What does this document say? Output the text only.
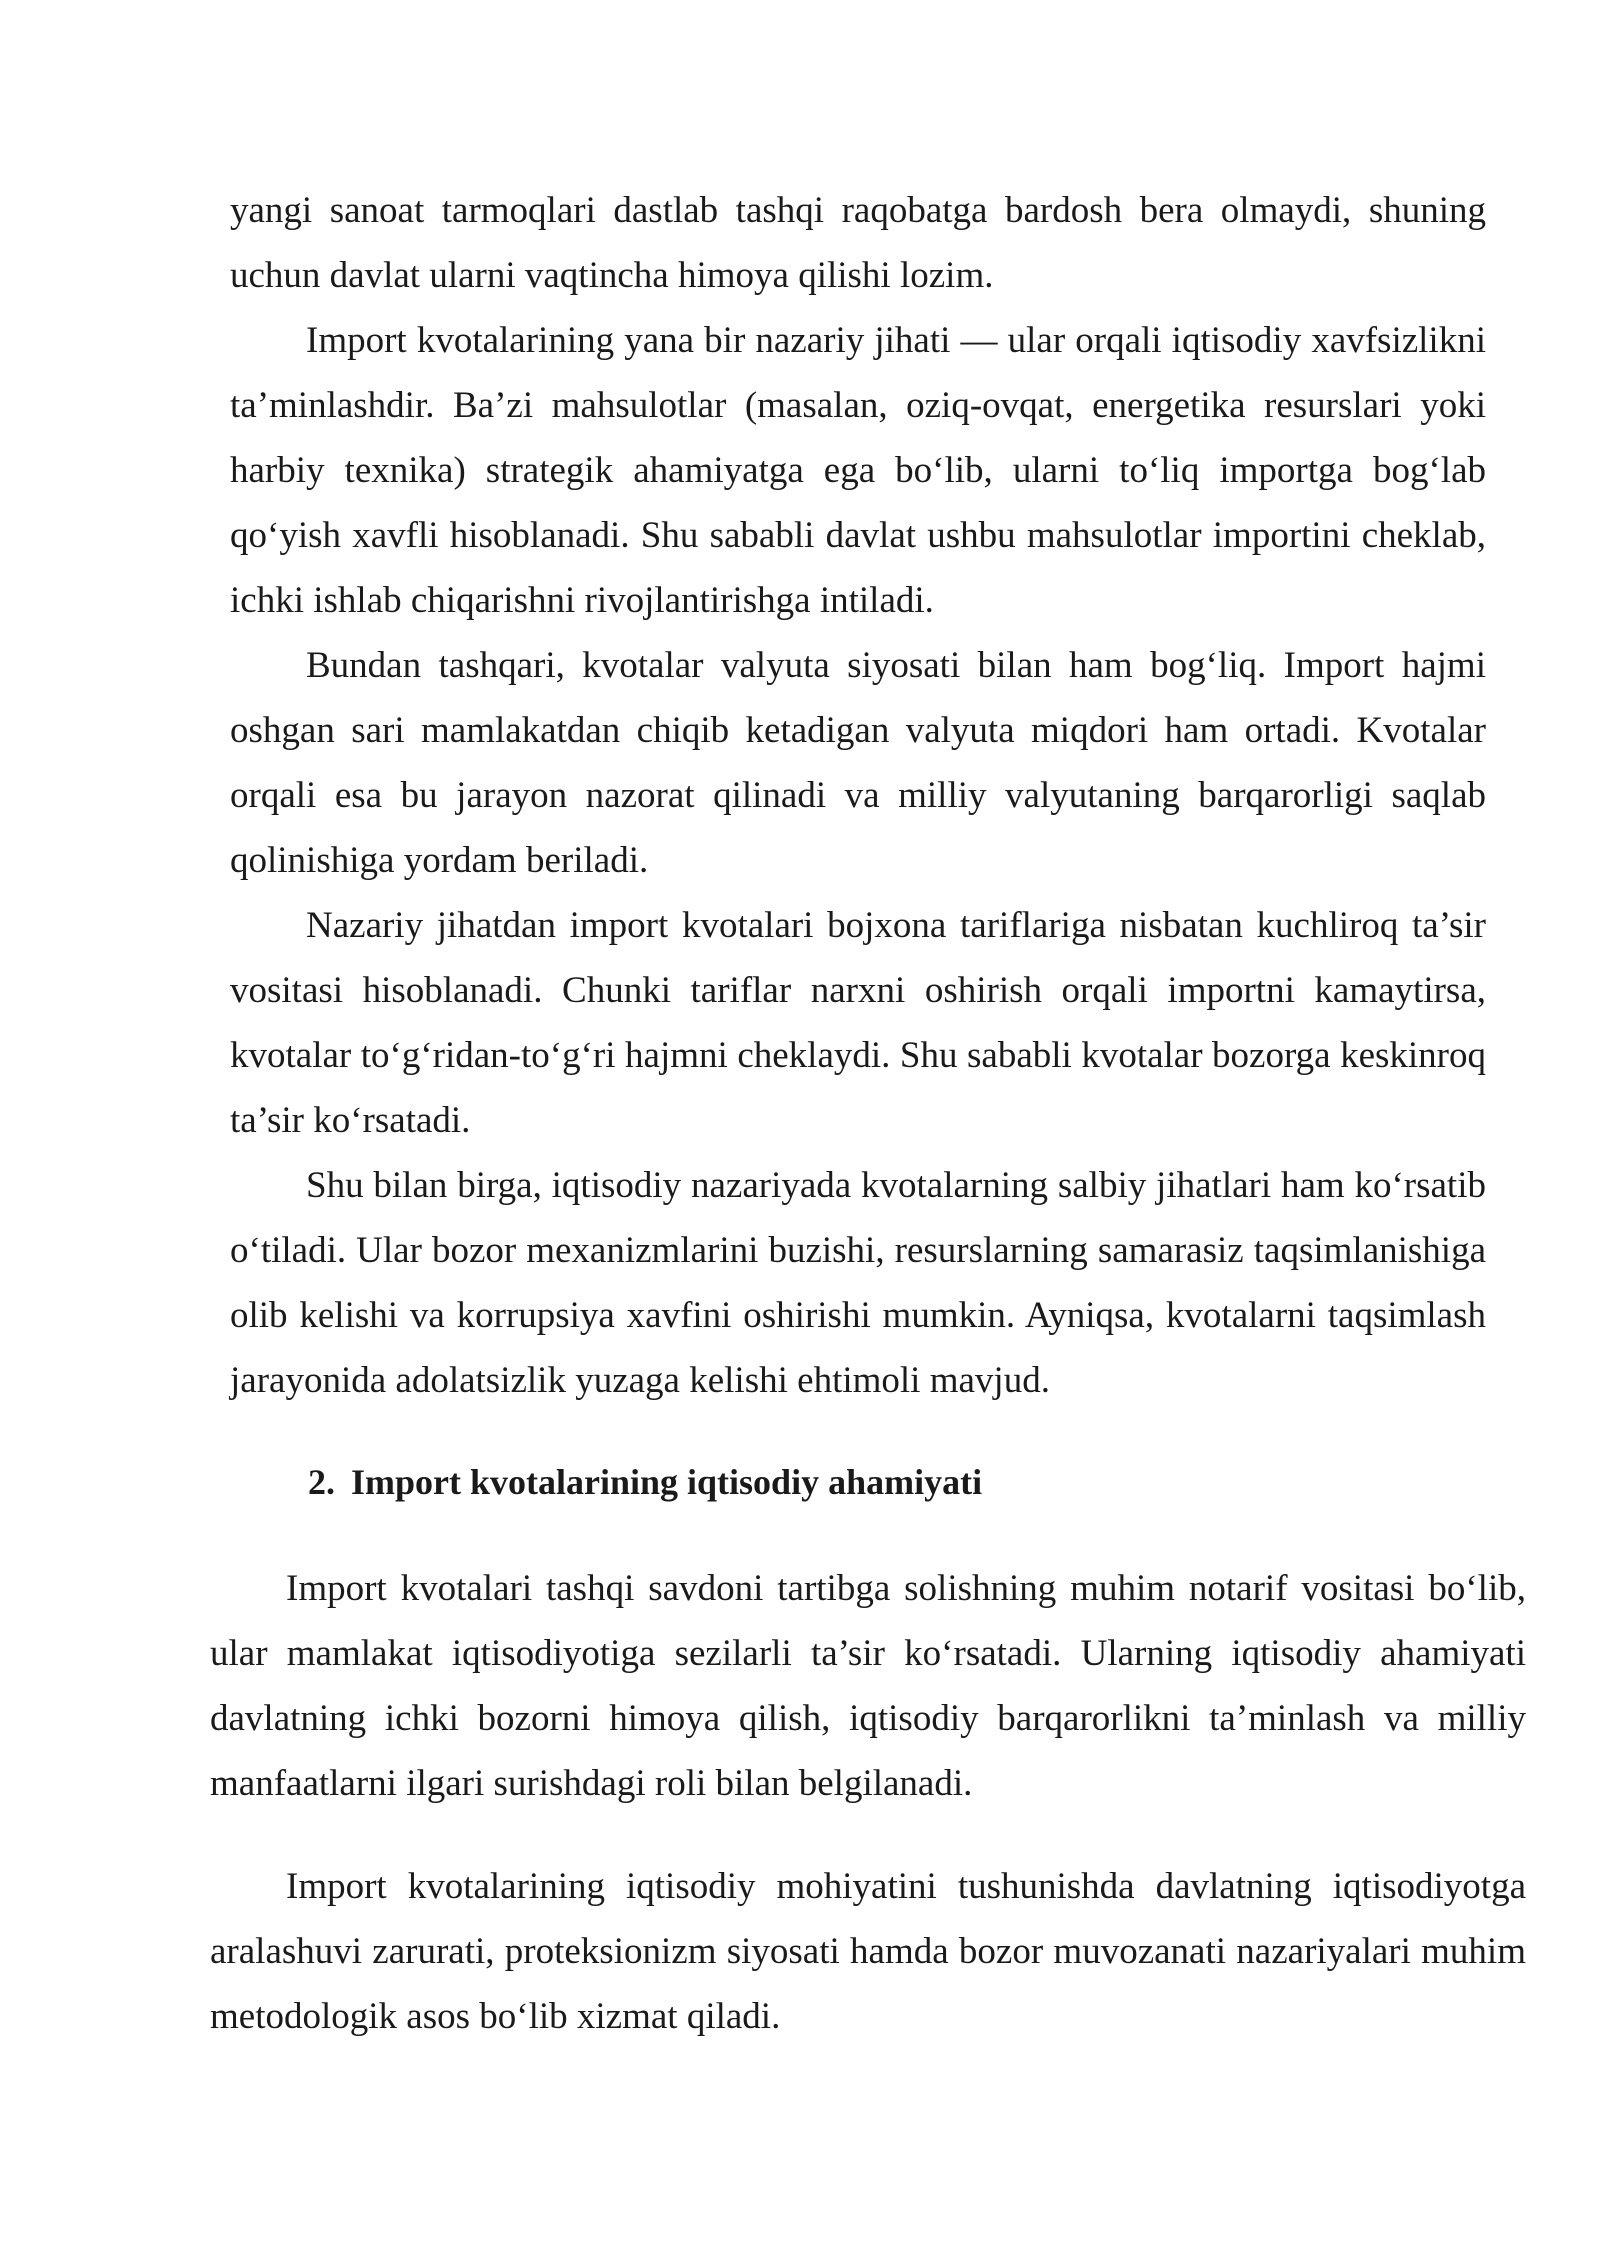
yangi sanoat tarmoqlari dastlab tashqi raqobatga bardosh bera olmaydi, shuning uchun davlat ularni vaqtincha himoya qilishi lozim.

Import kvotalarining yana bir nazariy jihati — ular orqali iqtisodiy xavfsizlikni ta’minlashdir. Ba’zi mahsulotlar (masalan, oziq-ovqat, energetika resurslari yoki harbiy texnika) strategik ahamiyatga ega bo‘lib, ularni to‘liq importga bog‘lab qo‘yish xavfli hisoblanadi. Shu sababli davlat ushbu mahsulotlar importini cheklab, ichki ishlab chiqarishni rivojlantirishga intiladi.

Bundan tashqari, kvotalar valyuta siyosati bilan ham bog‘liq. Import hajmi oshgan sari mamlakatdan chiqib ketadigan valyuta miqdori ham ortadi. Kvotalar orqali esa bu jarayon nazorat qilinadi va milliy valyutaning barqarorligi saqlab qolinishiga yordam beriladi.

Nazariy jihatdan import kvotalari bojxona tariflariga nisbatan kuchliroq ta’sir vositasi hisoblanadi. Chunki tariflar narxni oshirish orqali importni kamaytirsa, kvotalar to‘g‘ridan-to‘g‘ri hajmni cheklaydi. Shu sababli kvotalar bozorga keskinroq ta’sir ko‘rsatadi.

Shu bilan birga, iqtisodiy nazariyada kvotalarning salbiy jihatlari ham ko‘rsatib o‘tiladi. Ular bozor mexanizmlarini buzishi, resurslarning samarasiz taqsimlanishiga olib kelishi va korrupsiya xavfini oshirishi mumkin. Ayniqsa, kvotalarni taqsimlash jarayonida adolatsizlik yuzaga kelishi ehtimoli mavjud.

2. Import kvotalarining iqtisodiy ahamiyati

Import kvotalari tashqi savdoni tartibga solishning muhim notarif vositasi bo‘lib, ular mamlakat iqtisodiyotiga sezilarli ta’sir ko‘rsatadi. Ularning iqtisodiy ahamiyati davlatning ichki bozorni himoya qilish, iqtisodiy barqarorlikni ta’minlash va milliy manfaatlarni ilgari surishdagi roli bilan belgilanadi.

Import kvotalarining iqtisodiy mohiyatini tushunishda davlatning iqtisodiyotga aralashuvi zarurati, proteksionizm siyosati hamda bozor muvozanati nazariyalari muhim metodologik asos bo‘lib xizmat qiladi.
